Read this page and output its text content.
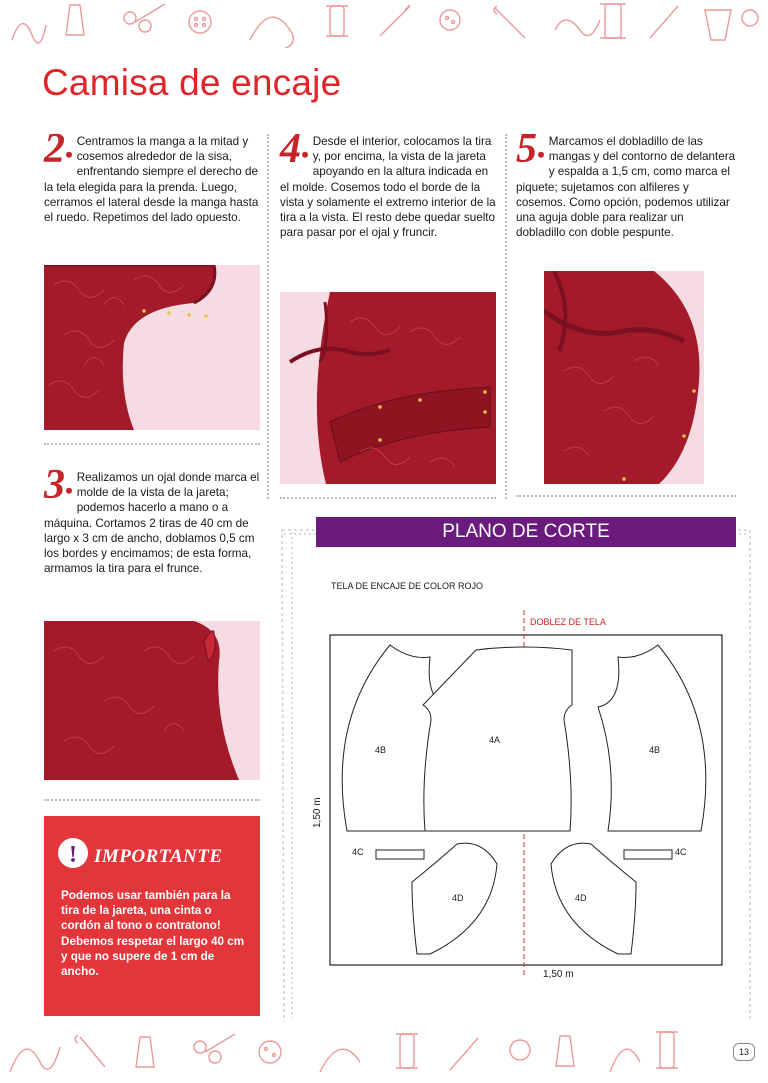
Camisa de encaje
2•
Centramos la manga a la mitad y cosemos alrededor de la sisa, enfrentando siempre el derecho de la tela elegida para la prenda. Luego, cerramos el lateral desde la manga hasta el ruedo. Repetimos del lado opuesto.
3•
Realizamos un ojal donde marca el molde de la vista de la jareta; podemos hacerlo a mano o a máquina. Cortamos 2 tiras de 40 cm de largo x 3 cm de ancho, doblamos 0,5 cm los bordes y encimamos; de esta forma, armamos la tira para el frunce.
4•
Desde el interior, colocamos la tira y, por encima, la vista de la jareta apoyando en la altura indicada en el molde. Cosemos todo el borde de la vista y solamente el extremo interior de la tira a la vista. El resto debe quedar suelto para pasar por el ojal y fruncir.
5•
Marcamos el dobladillo de las mangas y del contorno de delantera y espalda a 1,5 cm, como marca el piquete; sujetamos con alfileres y cosemos. Como opción, podemos utilizar una aguja doble para realizar un dobladillo con doble pespunte.
! IMPORTANTE
Podemos usar también para la tira de la jareta, una cinta o cordón al tono o contratono! Debemos respetar el largo 40 cm y que no supere de 1 cm de ancho.
PLANO DE CORTE
TELA DE ENCAJE DE COLOR ROJO
DOBLEZ DE TELA
4B
4A
4B
4C	4C
4D	4D
1,50 m
1,50 m
13
